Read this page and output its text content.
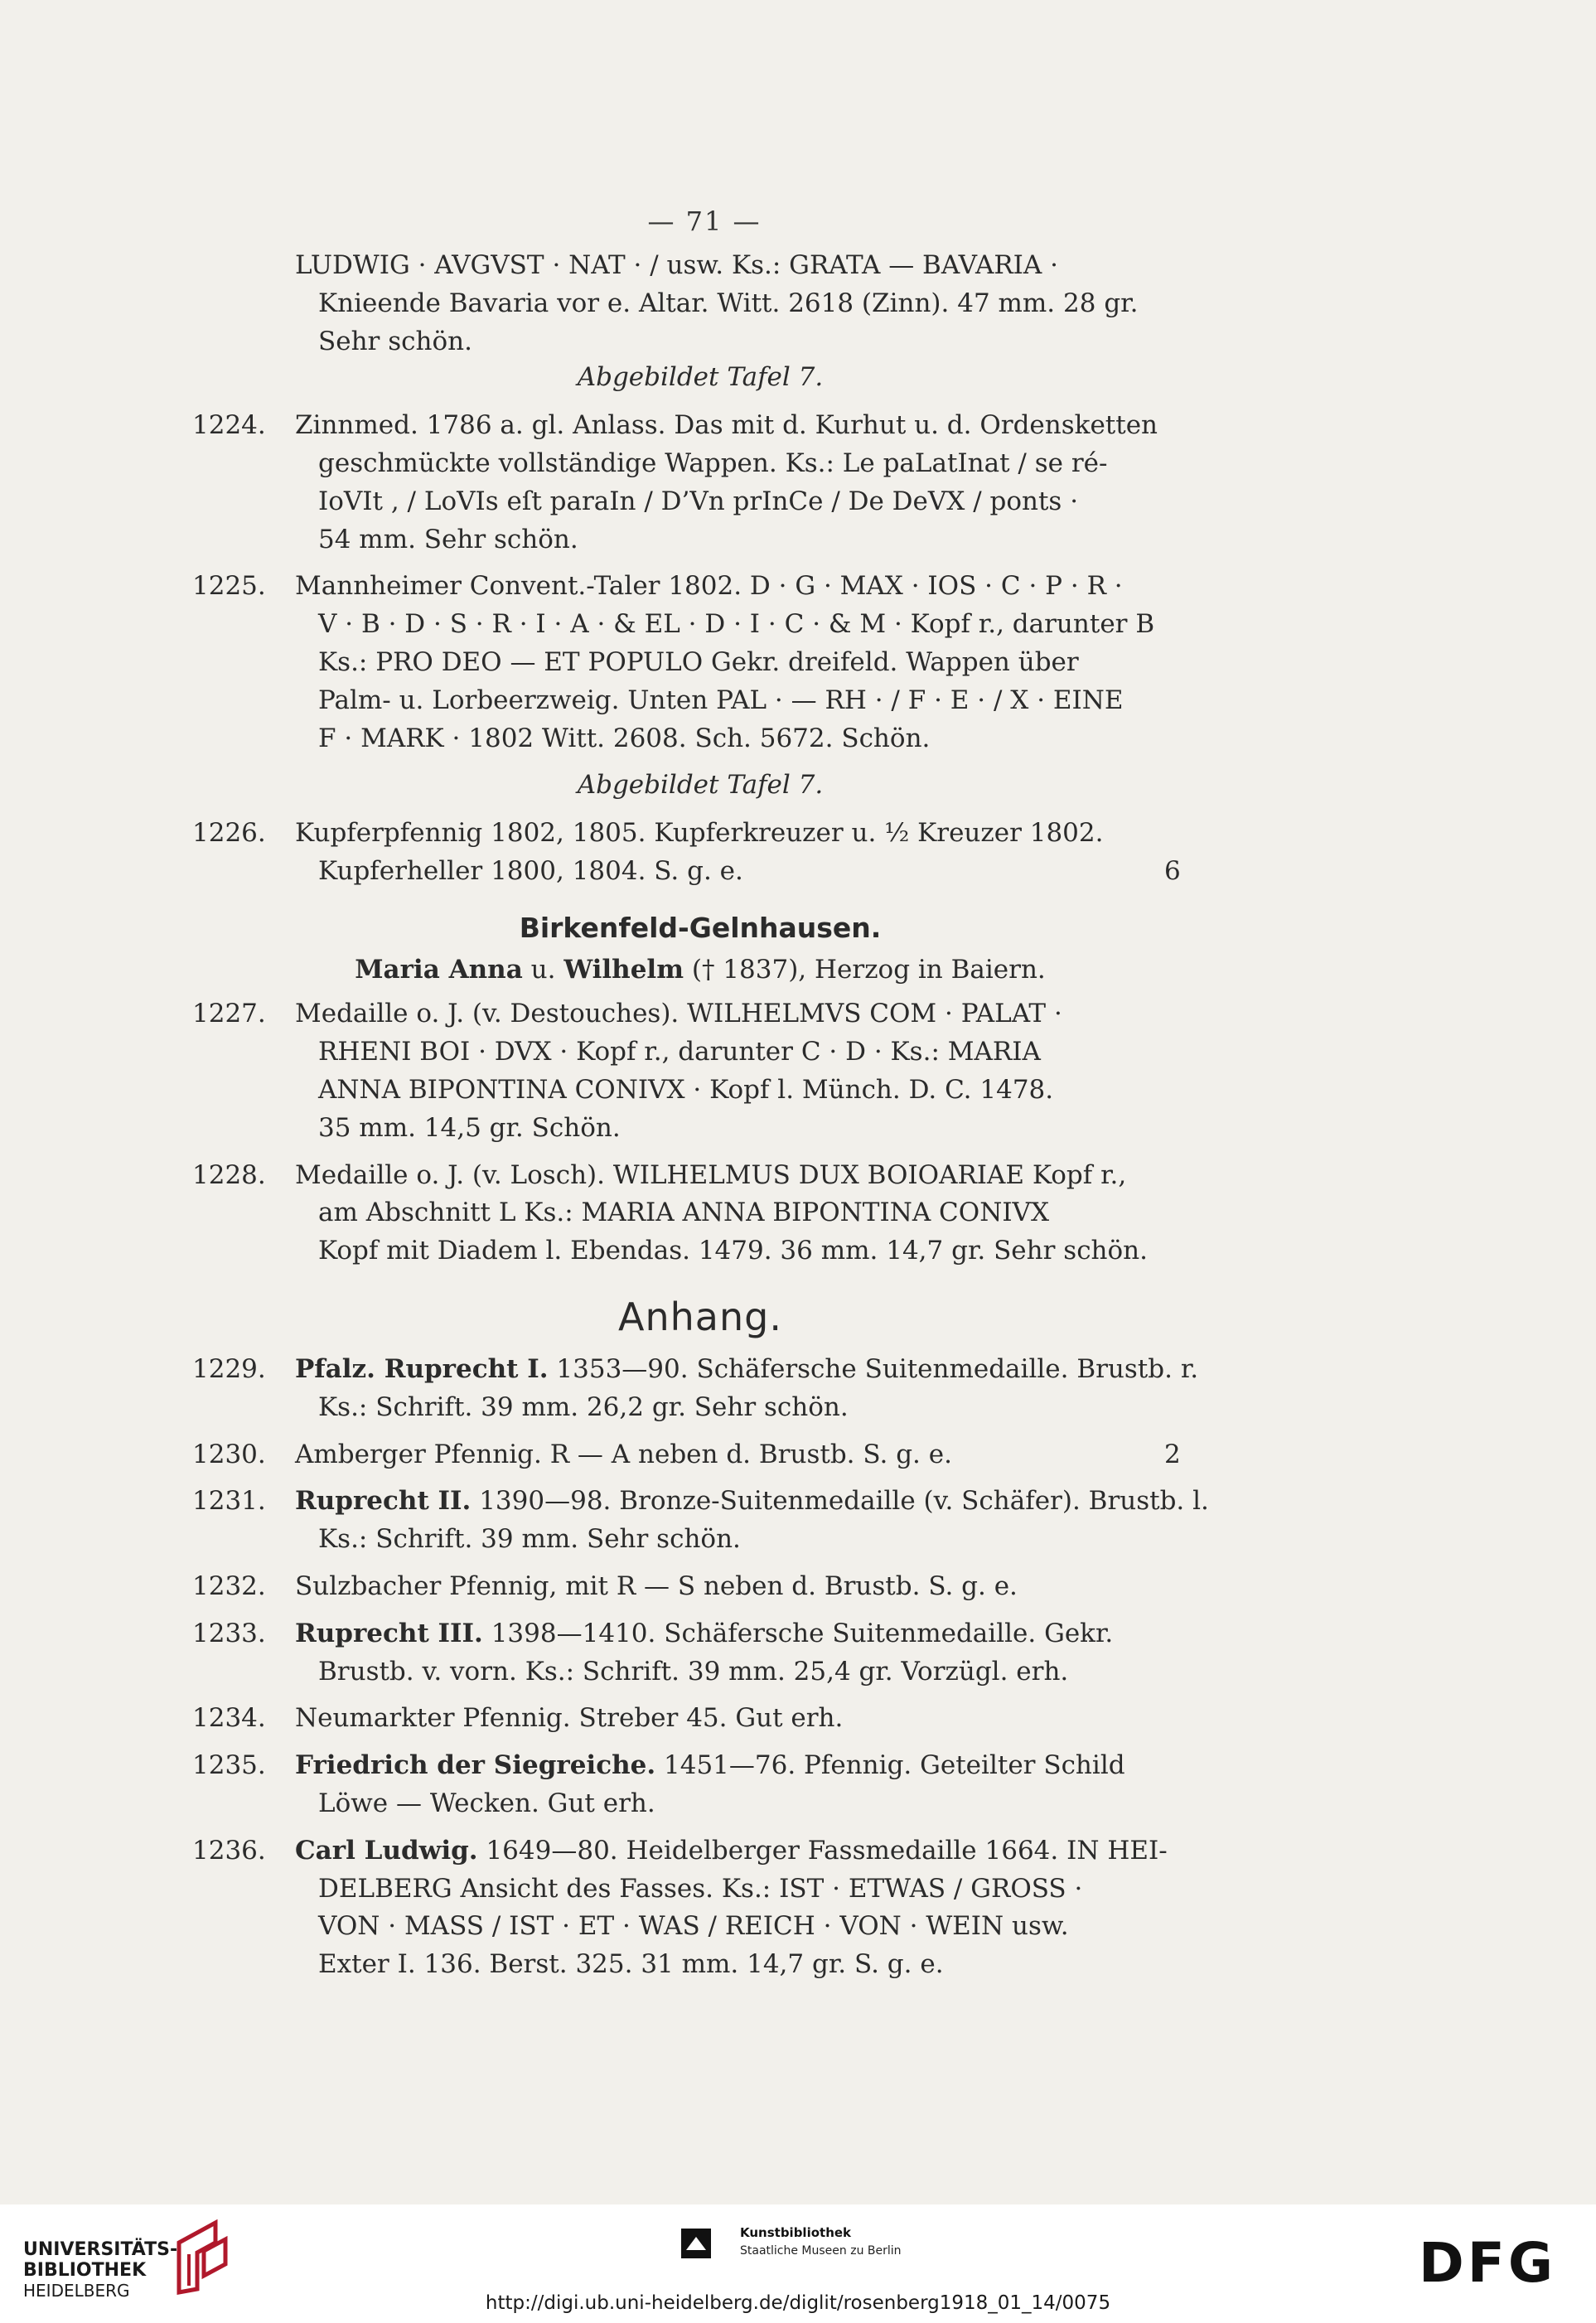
— 71 —
LUDWIG · AVGVST · NAT · / usw. Ks.: GRATA — BAVARIA ·
Knieende Bavaria vor e. Altar. Witt. 2618 (Zinn). 47 mm. 28 gr.
Sehr schön.
Abgebildet Tafel 7.
1224. Zinnmed. 1786 a. gl. Anlass. Das mit d. Kurhut u. d. Ordensketten
geschmückte vollständige Wappen. Ks.: Le paLatInat / se ré-
IoVIt , / LoVIs eſt paraIn / D’Vn prInCe / De DeVX / ponts ·
54 mm. Sehr schön.
1225. Mannheimer Convent.-Taler 1802. D · G · MAX · IOS · C · P · R ·
V · B · D · S · R · I · A · & EL · D · I · C · & M · Kopf r., darunter B
Ks.: PRO DEO — ET POPULO Gekr. dreifeld. Wappen über
Palm- u. Lorbeerzweig. Unten PAL · — RH · / F · E · / X · EINE
F · MARK · 1802 Witt. 2608. Sch. 5672. Schön.
Abgebildet Tafel 7.
1226. Kupferpfennig 1802, 1805. Kupferkreuzer u. ½ Kreuzer 1802.
Kupferheller 1800, 1804. S. g. e.	6
Birkenfeld-Gelnhausen.
Maria Anna u. Wilhelm († 1837), Herzog in Baiern.
1227. Medaille o. J. (v. Destouches). WILHELMVS COM · PALAT ·
RHENI BOI · DVX · Kopf r., darunter C · D · Ks.: MARIA
ANNA BIPONTINA CONIVX · Kopf l. Münch. D. C. 1478.
35 mm. 14,5 gr. Schön.
1228. Medaille o. J. (v. Losch). WILHELMUS DUX BOIOARIAE Kopf r.,
am Abschnitt L Ks.: MARIA ANNA BIPONTINA CONIVX
Kopf mit Diadem l. Ebendas. 1479. 36 mm. 14,7 gr. Sehr schön.
Anhang.
1229. Pfalz. Ruprecht I. 1353—90. Schäfersche Suitenmedaille. Brustb. r.
Ks.: Schrift. 39 mm. 26,2 gr. Sehr schön.
1230. Amberger Pfennig. R — A neben d. Brustb. S. g. e.	2
1231. Ruprecht II. 1390—98. Bronze-Suitenmedaille (v. Schäfer). Brustb. l.
Ks.: Schrift. 39 mm. Sehr schön.
1232. Sulzbacher Pfennig, mit R — S neben d. Brustb. S. g. e.
1233. Ruprecht III. 1398—1410. Schäfersche Suitenmedaille. Gekr.
Brustb. v. vorn. Ks.: Schrift. 39 mm. 25,4 gr. Vorzügl. erh.
1234. Neumarkter Pfennig. Streber 45. Gut erh.
1235. Friedrich der Siegreiche. 1451—76. Pfennig. Geteilter Schild
Löwe — Wecken. Gut erh.
1236. Carl Ludwig. 1649—80. Heidelberger Fassmedaille 1664. IN HEI-
DELBERG Ansicht des Fasses. Ks.: IST · ETWAS / GROSS ·
VON · MASS / IST · ET · WAS / REICH · VON · WEIN usw.
Exter I. 136. Berst. 325. 31 mm. 14,7 gr. S. g. e.
UNIVERSITÄTS-
BIBLIOTHEK
HEIDELBERG
Kunstbibliothek
Staatliche Museen zu Berlin	DFG
http://digi.ub.uni-heidelberg.de/diglit/rosenberg1918_01_14/0075
